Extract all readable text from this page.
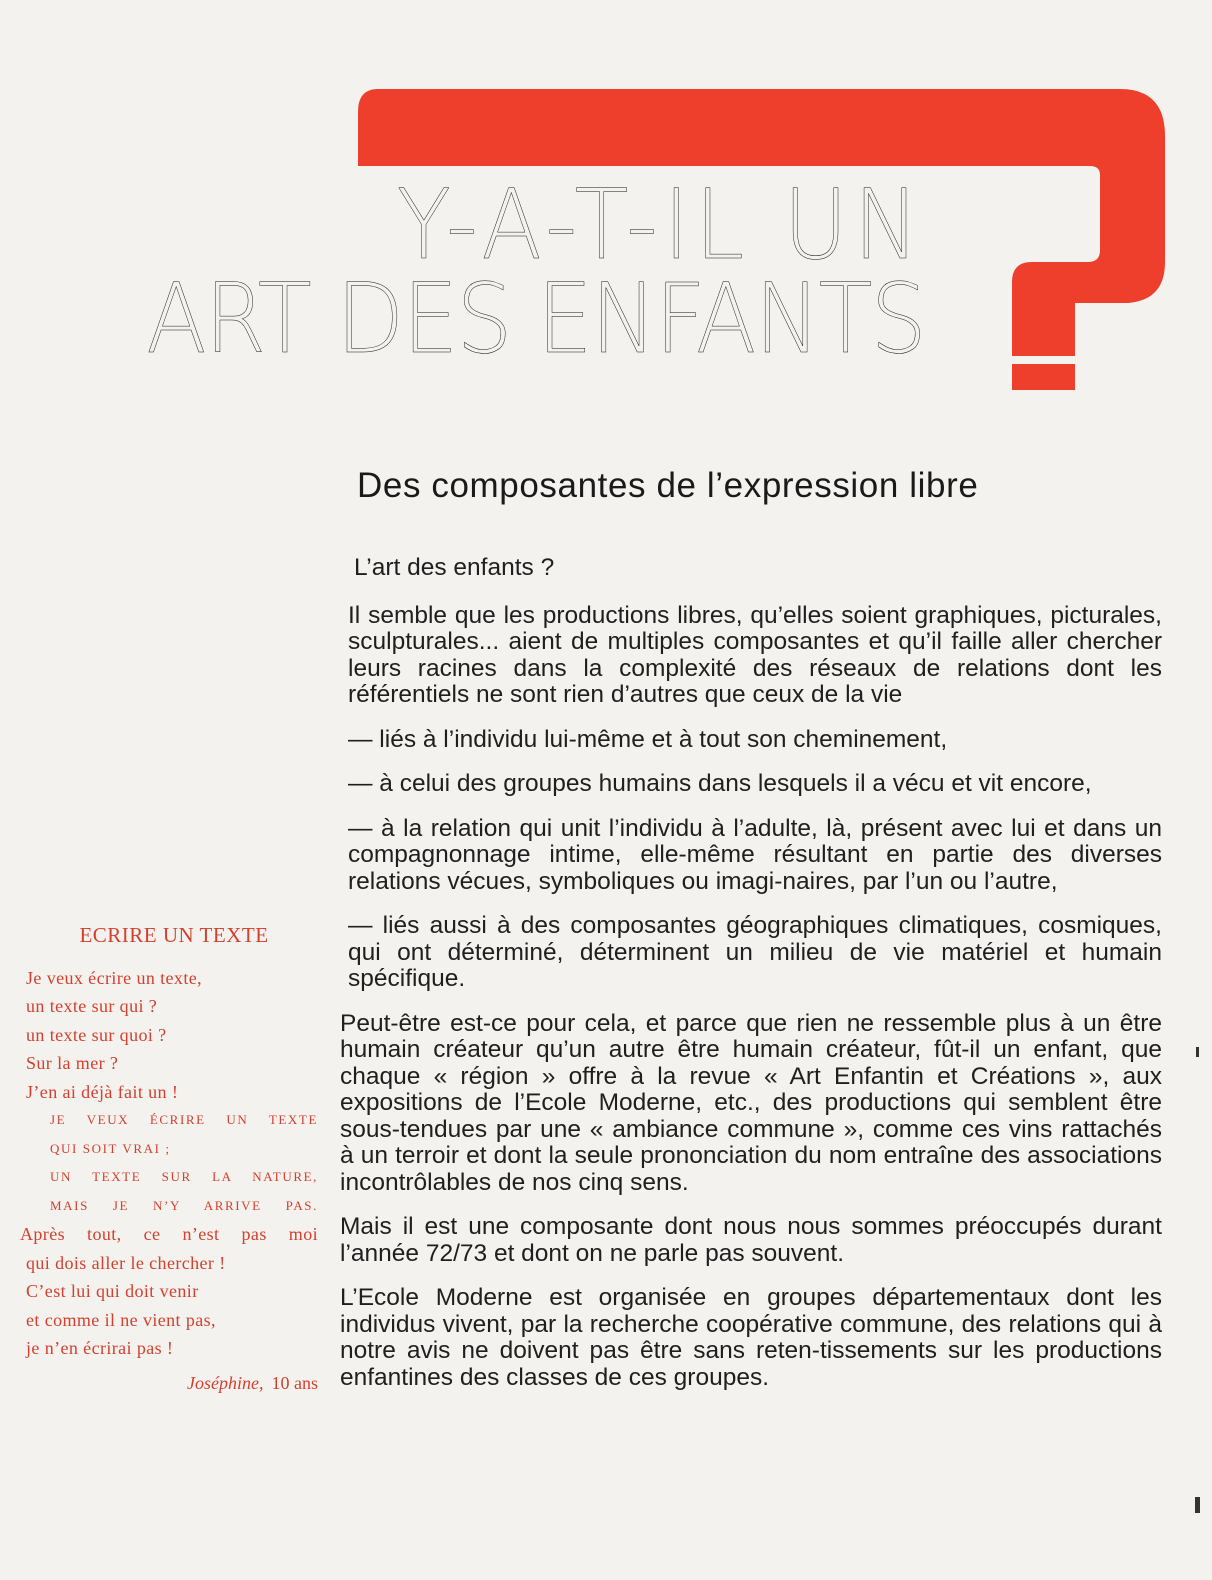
Y-A-T-IL UN
ART DES ENFANTS
Des composantes de l’expression libre

L’art des enfants ?

Il semble que les productions libres, qu’elles soient graphiques, picturales, sculpturales... aient de multiples composantes et qu’il faille aller chercher leurs racines dans la complexité des réseaux de relations dont les référentiels ne sont rien d’autres que ceux de la vie

— liés à l’individu lui-même et à tout son cheminement,

— à celui des groupes humains dans lesquels il a vécu et vit encore,

— à la relation qui unit l’individu à l’adulte, là, présent avec lui et dans un compagnonnage intime, elle-même résultant en partie des diverses relations vécues, symboliques ou imagi-naires, par l’un ou l’autre,

— liés aussi à des composantes géographiques climatiques, cosmiques, qui ont déterminé, déterminent un milieu de vie matériel et humain spécifique.

Peut-être est-ce pour cela, et parce que rien ne ressemble plus à un être humain créateur qu’un autre être humain créateur, fût-il un enfant, que chaque « région » offre à la revue « Art Enfantin et Créations », aux expositions de l’Ecole Moderne, etc., des productions qui semblent être sous-tendues par une « ambiance commune », comme ces vins rattachés à un terroir et dont la seule prononciation du nom entraîne des associations incontrôlables de nos cinq sens.

Mais il est une composante dont nous nous sommes préoccupés durant l’année 72/73 et dont on ne parle pas souvent.

L’Ecole Moderne est organisée en groupes départementaux dont les individus vivent, par la recherche coopérative commune, des relations qui à notre avis ne doivent pas être sans reten-tissements sur les productions enfantines des classes de ces groupes.

ECRIRE UN TEXTE
Je veux écrire un texte,
un texte sur qui ?
un texte sur quoi ?
Sur la mer ?
J’en ai déjà fait un !
JE VEUX ÉCRIRE UN TEXTE
QUI SOIT VRAI ;
UN TEXTE SUR LA NATURE,
MAIS JE N’Y ARRIVE PAS.
Après tout, ce n’est pas moi
qui dois aller le chercher !
C’est lui qui doit venir
et comme il ne vient pas,
je n’en écrirai pas !
Joséphine, 10 ans
